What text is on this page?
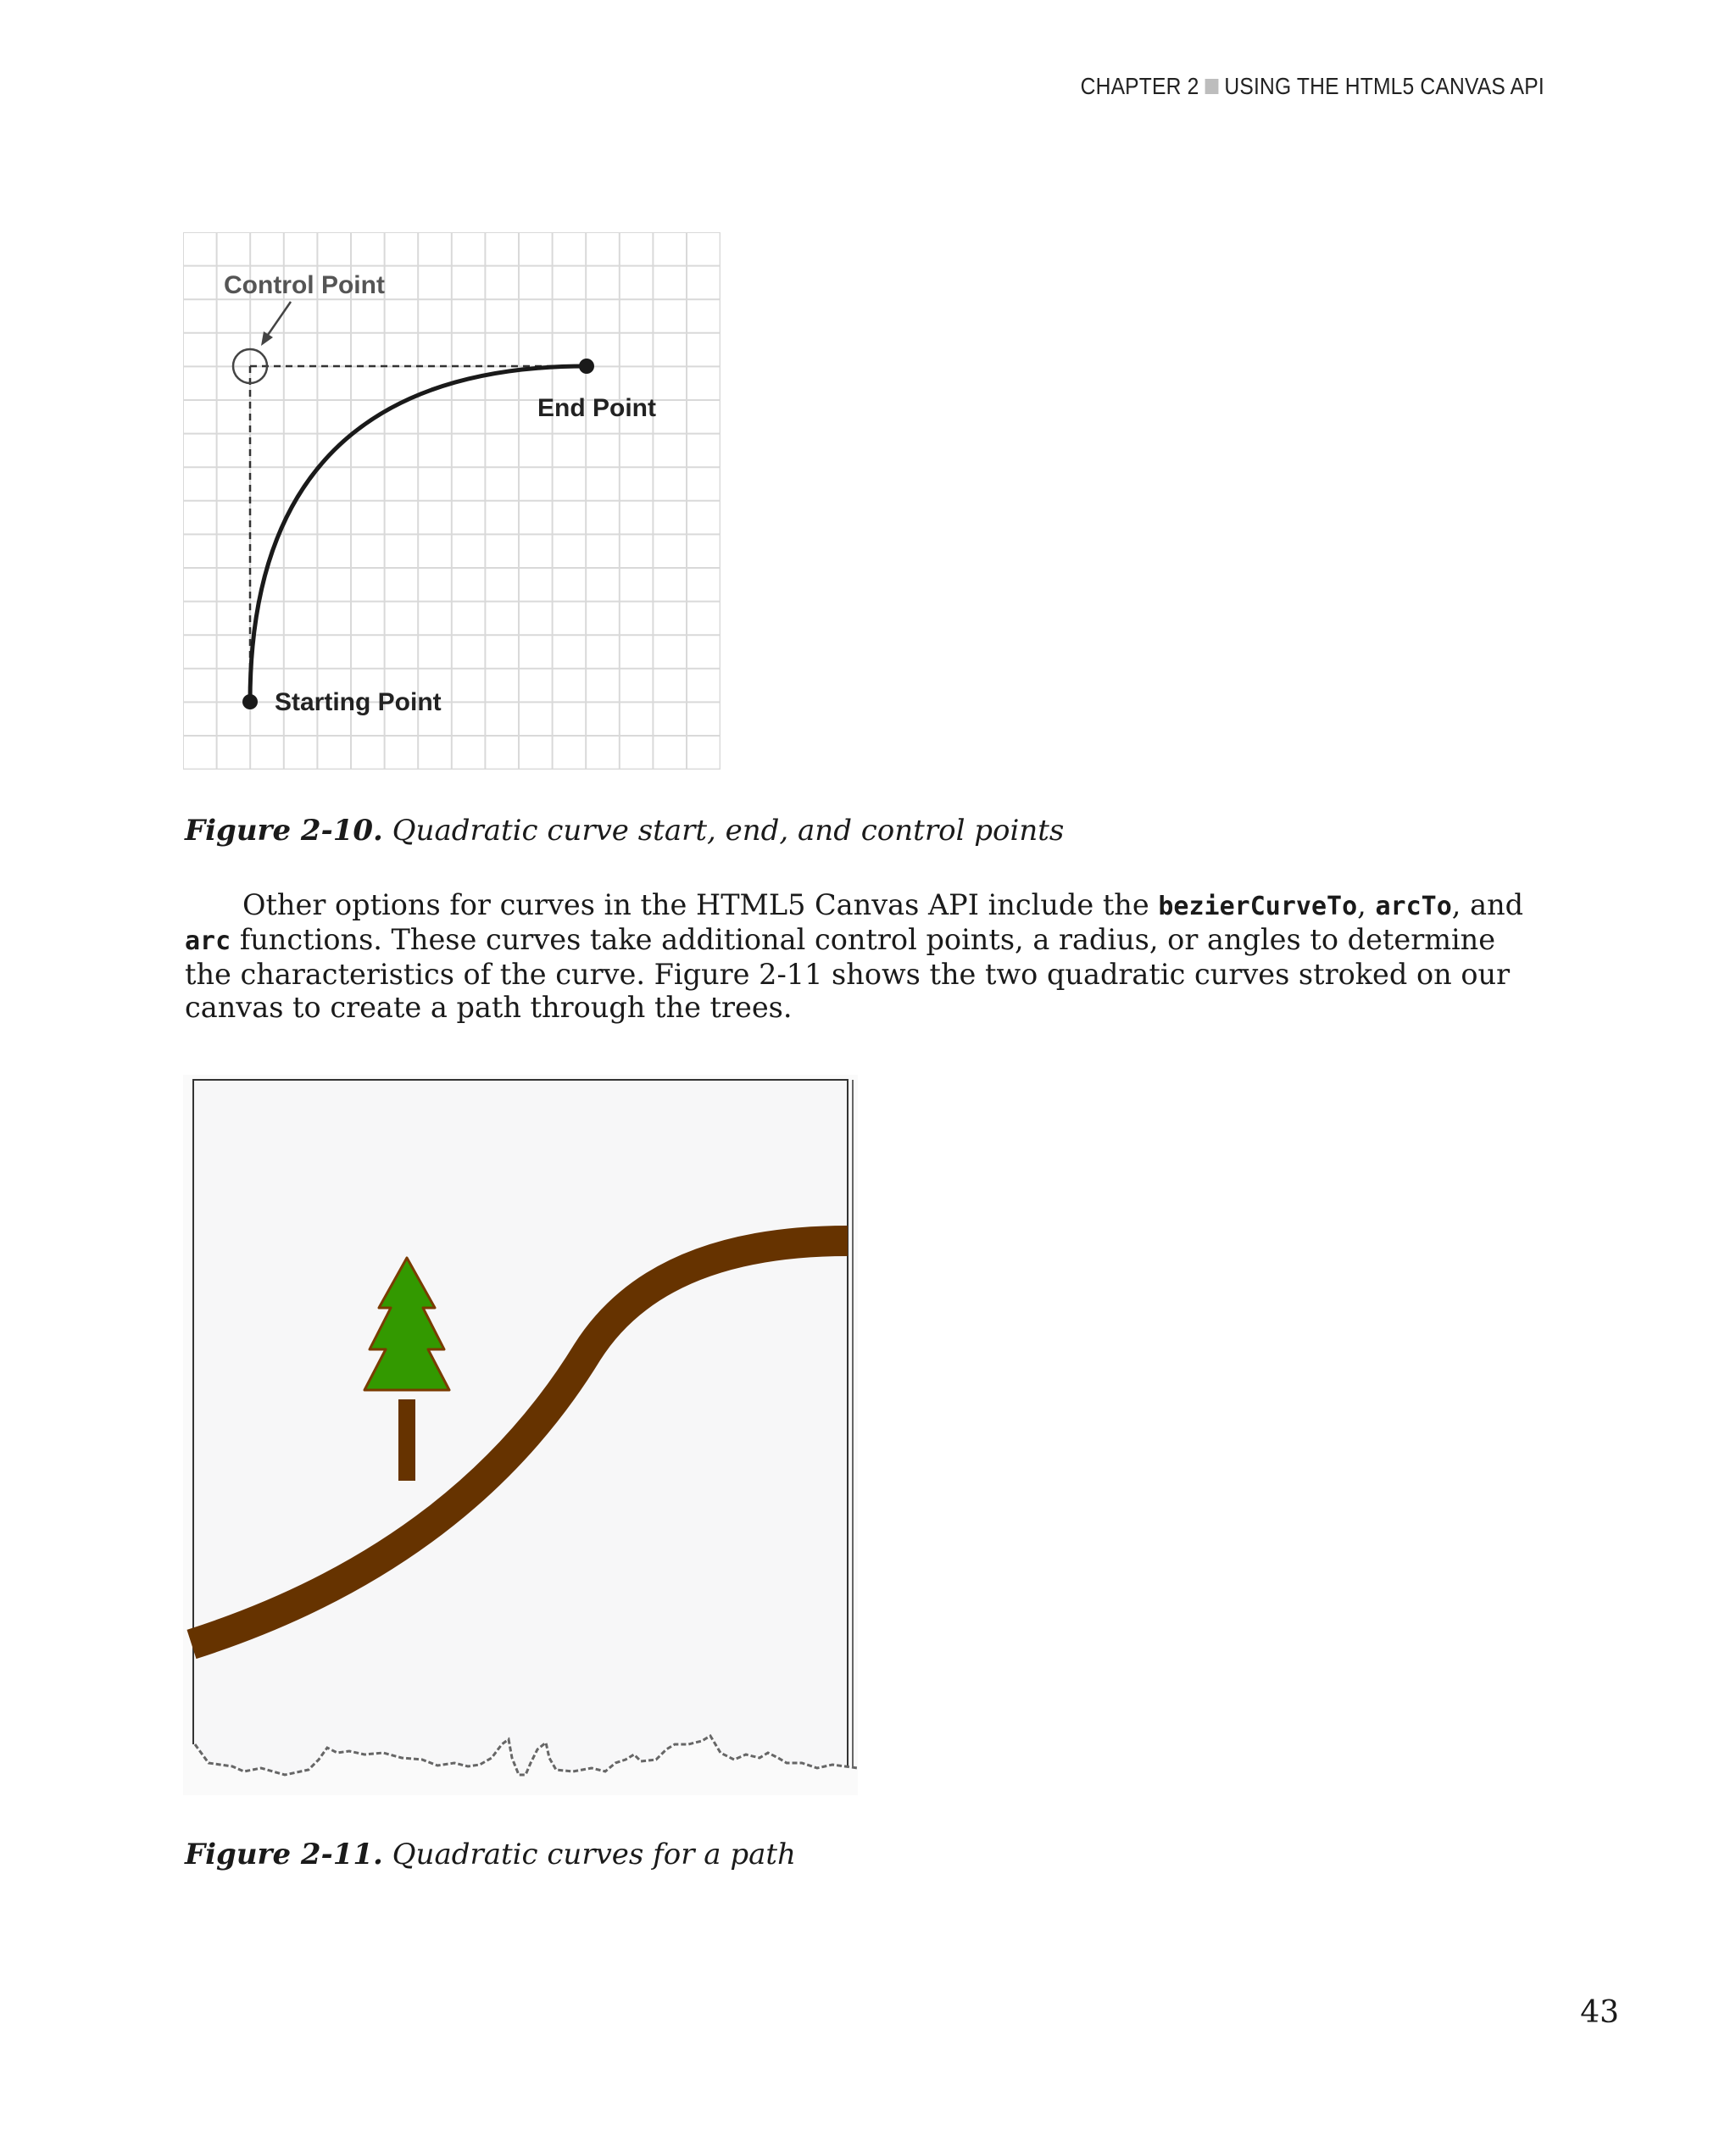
CHAPTER 2 USING THE HTML5 CANVAS API
Control Point
End Point
Starting Point
Figure 2-10. Quadratic curve start, end, and control points
Other options for curves in the HTML5 Canvas API include the bezierCurveTo, arcTo, and arc functions. These curves take additional control points, a radius, or angles to determine the characteristics of the curve. Figure 2-11 shows the two quadratic curves stroked on our canvas to create a path through the trees.
Figure 2-11. Quadratic curves for a path
43
